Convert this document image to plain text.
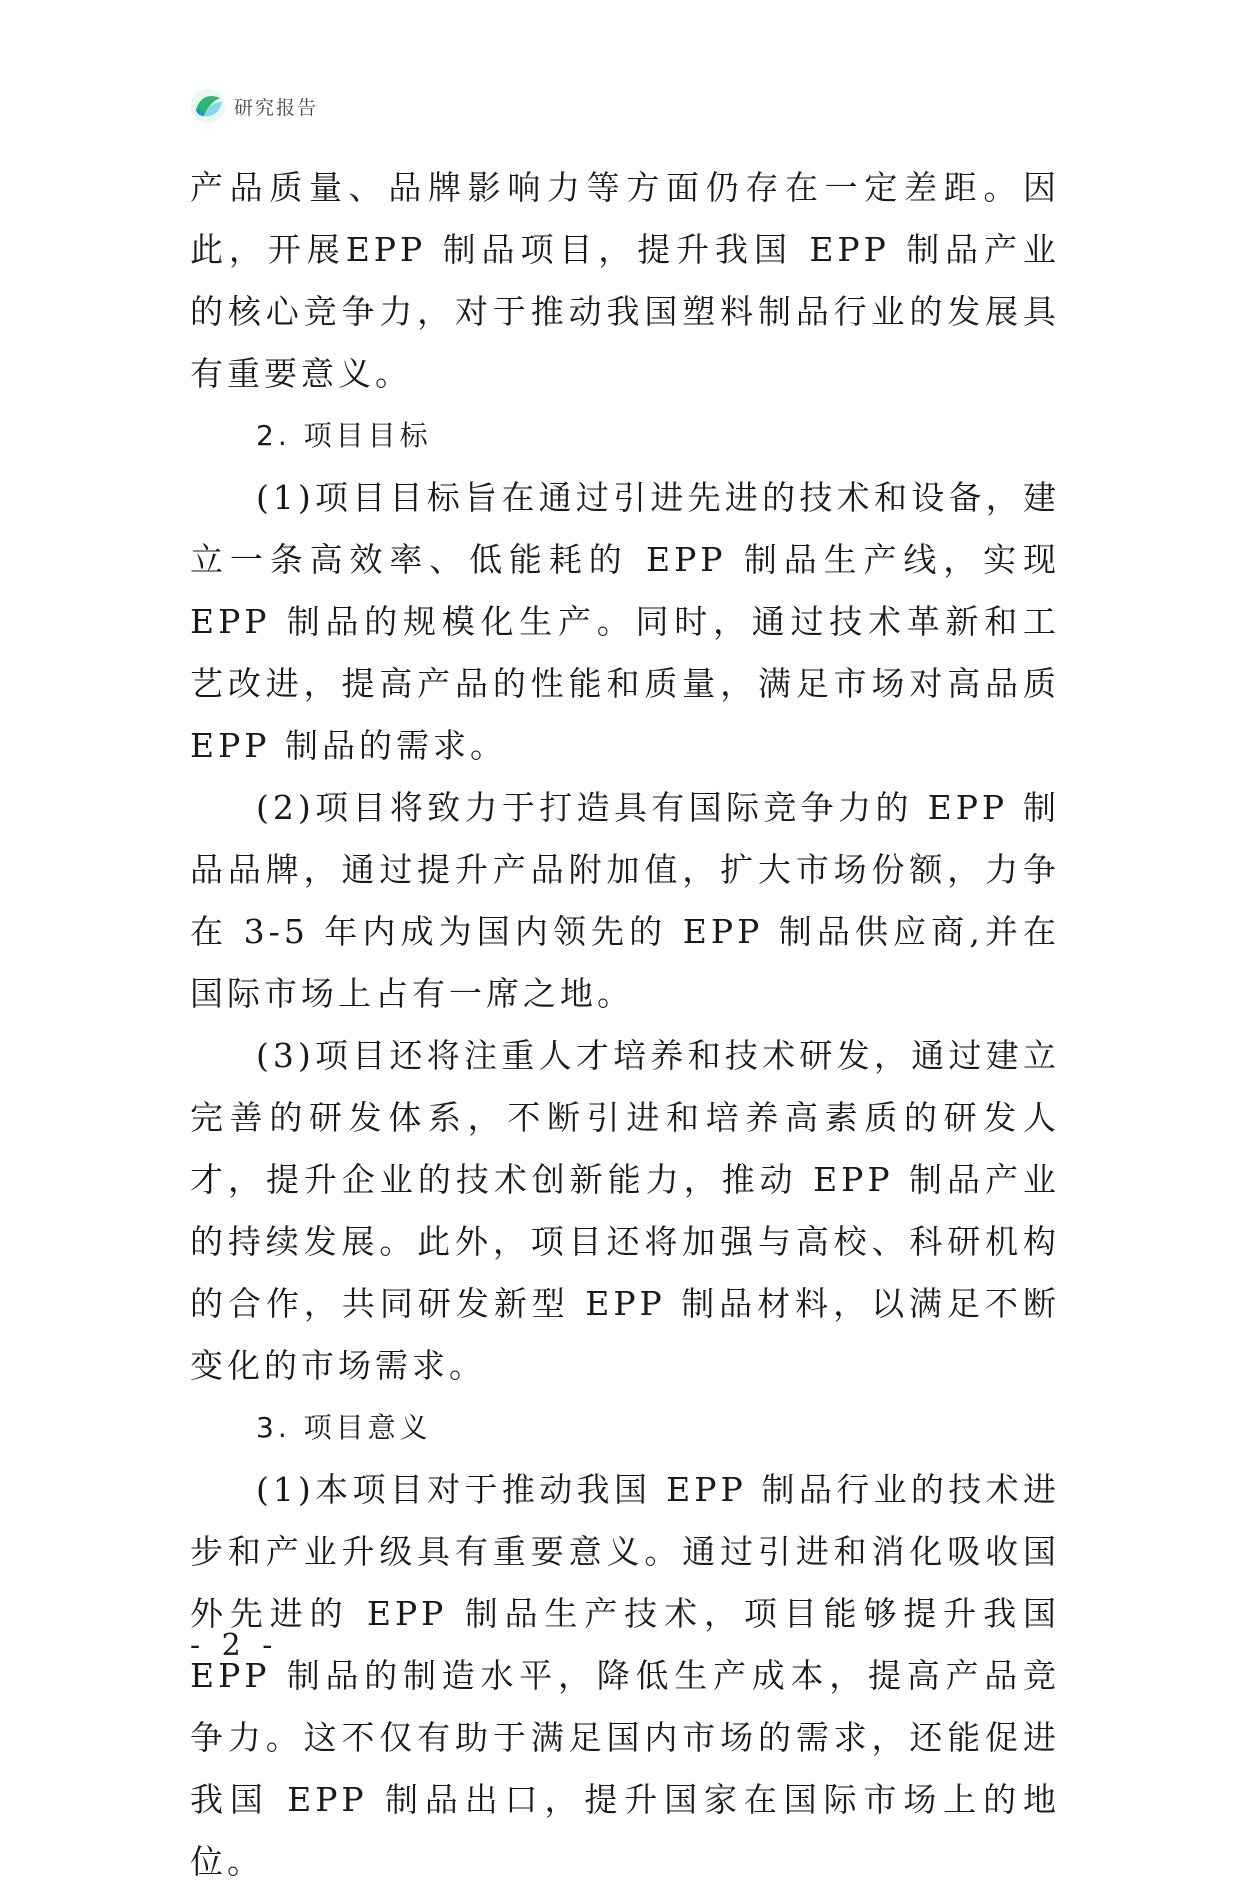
研究报告

产品质量、品牌影响力等方面仍存在一定差距。因此，开展EPP 制品项目，提升我国 EPP 制品产业的核心竞争力，对于推动我国塑料制品行业的发展具有重要意义。

2. 项目目标

(1)项目目标旨在通过引进先进的技术和设备，建立一条高效率、低能耗的 EPP 制品生产线，实现 EPP 制品的规模化生产。同时，通过技术革新和工艺改进，提高产品的性能和质量，满足市场对高品质 EPP 制品的需求。

(2)项目将致力于打造具有国际竞争力的 EPP 制品品牌，通过提升产品附加值，扩大市场份额，力争在 3-5 年内成为国内领先的 EPP 制品供应商,并在国际市场上占有一席之地。

(3)项目还将注重人才培养和技术研发，通过建立完善的研发体系，不断引进和培养高素质的研发人才，提升企业的技术创新能力，推动 EPP 制品产业的持续发展。此外，项目还将加强与高校、科研机构的合作，共同研发新型 EPP 制品材料，以满足不断变化的市场需求。

3. 项目意义

(1)本项目对于推动我国 EPP 制品行业的技术进步和产业升级具有重要意义。通过引进和消化吸收国外先进的 EPP 制品生产技术，项目能够提升我国 EPP 制品的制造水平，降低生产成本，提高产品竞争力。这不仅有助于满足国内市场的需求，还能促进我国 EPP 制品出口，提升国家在国际市场上的地位。

- 2 -
